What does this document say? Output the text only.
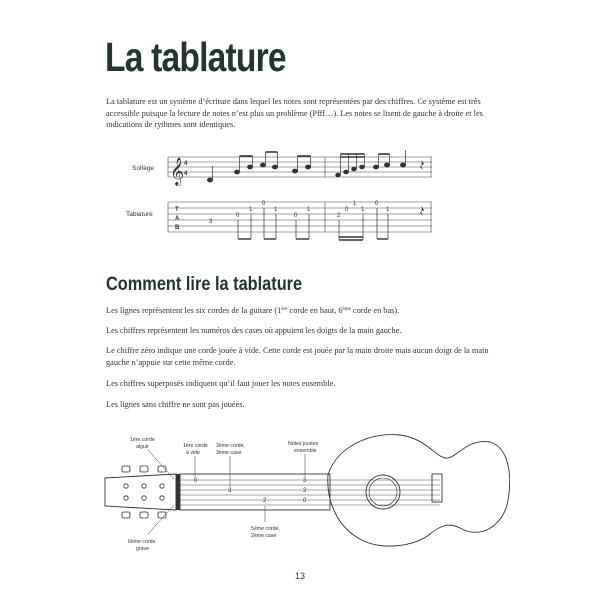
La tablature
La tablature est un système d’écriture dans lequel les notes sont représentées par des chiffres. Ce système est très accessible puisque la lecture de notes n’est plus un problème (Pfff…). Les notes se lisent de gauche à droite et les indications de rythmes sont identiques.
Solfège
Tablature
𝄞 4
4
T
A
B
3
0
1
0
1
0
1
2
0
1
1
0
1
Comment lire la tablature
Les lignes représentent les six cordes de la guitare (1ère corde en haut, 6ème corde en bas).
Les chiffres représentent les numéros des cases où appuient les doigts de la main gauche.
Le chiffre zéro indique une corde jouée à vide. Cette corde est jouée par la main droite mais aucun doigt de la main gauche n’appuie sur cette même corde.
Les chiffres superposés indiquent qu’il faut jouer les notes ensemble.
Les lignes sans chiffre ne sont pas jouées.
0
3
2
3
2
0
1ère corde
aiguë	1ère corde
à vide
3ème corde,
3ème case
Notes jouées
ensemble
5ème corde,
2ème case
6ème corde
grave
13
